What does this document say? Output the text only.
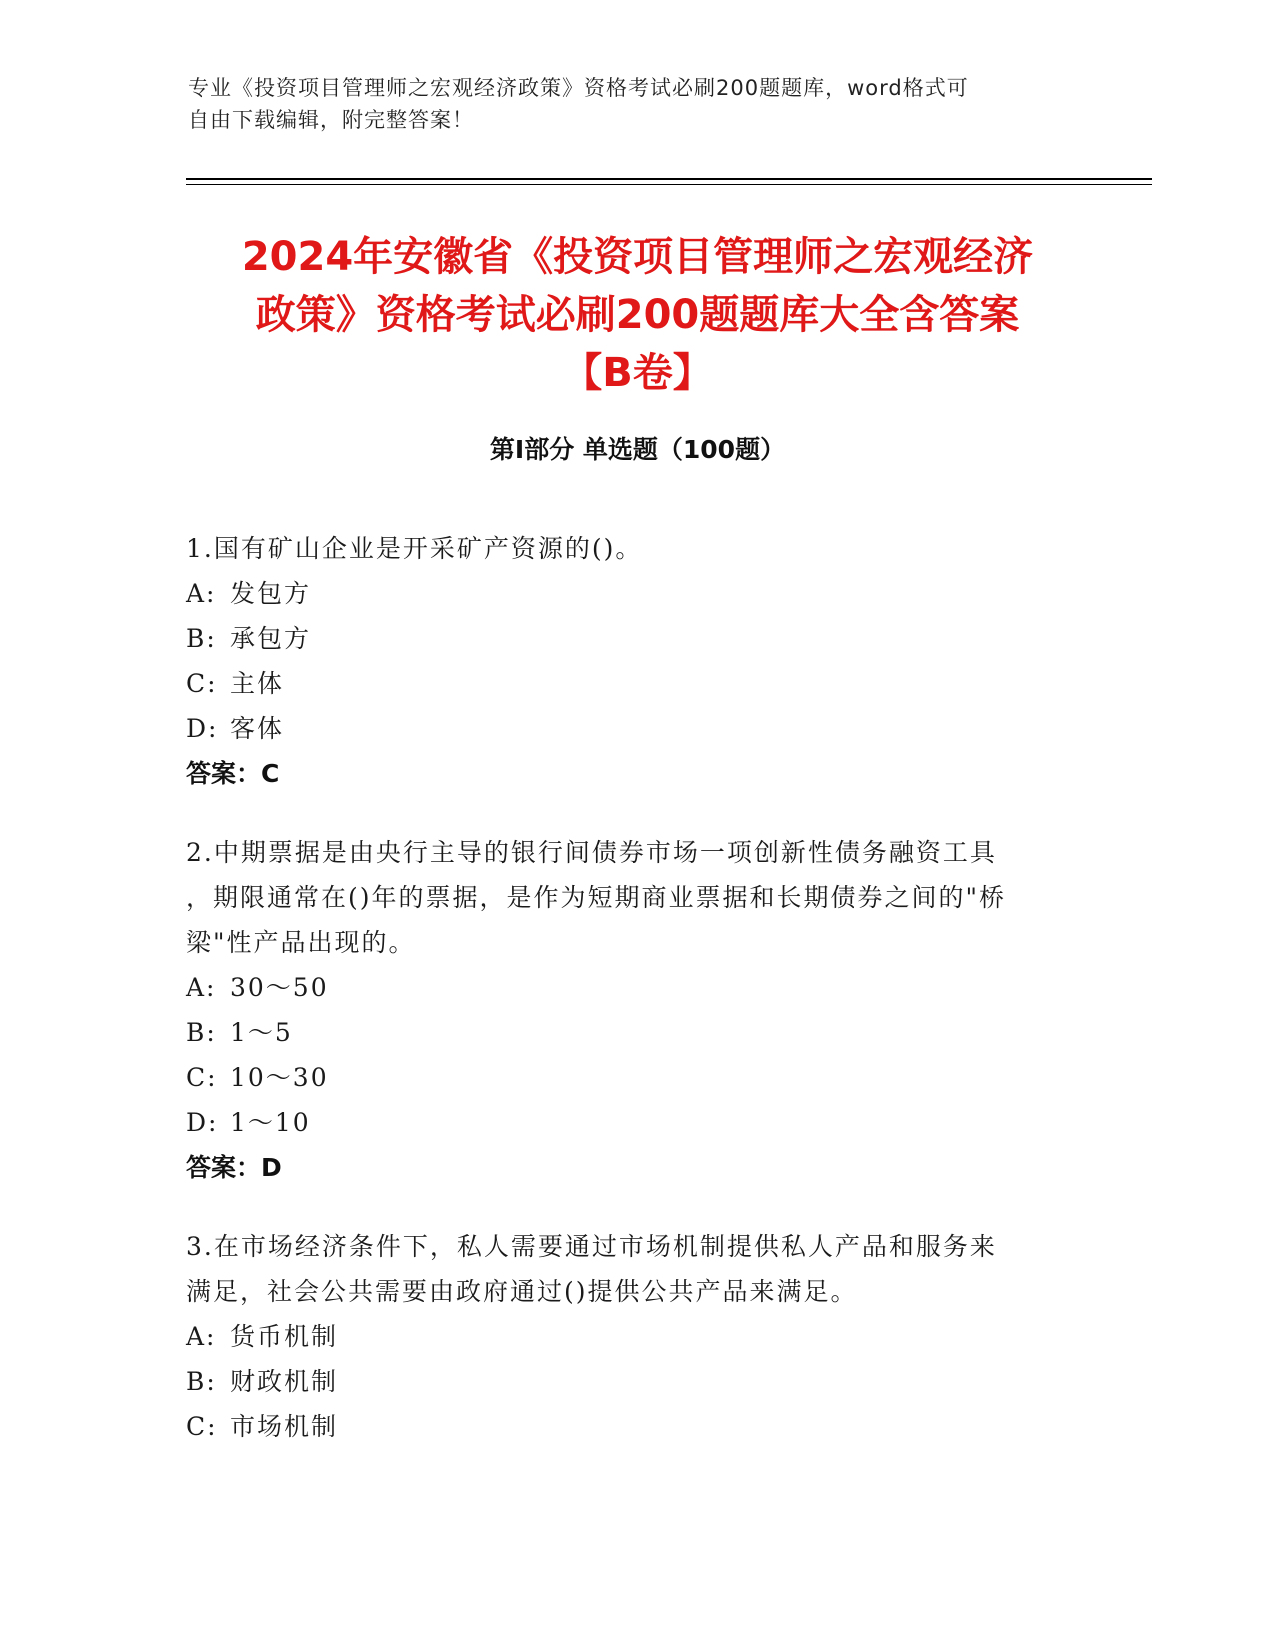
专业《投资项目管理师之宏观经济政策》资格考试必刷200题题库，word格式可
自由下载编辑，附完整答案！
2024年安徽省《投资项目管理师之宏观经济
政策》资格考试必刷200题题库大全含答案
【B卷】
第I部分 单选题（100题）
1.国有矿山企业是开采矿产资源的()。
A: 发包方
B: 承包方
C: 主体
D: 客体
答案：C
2.中期票据是由央行主导的银行间债券市场一项创新性债务融资工具
，期限通常在()年的票据，是作为短期商业票据和长期债券之间的"桥
梁"性产品出现的。
A: 30～50
B: 1～5
C: 10～30
D: 1～10
答案：D
3.在市场经济条件下，私人需要通过市场机制提供私人产品和服务来
满足，社会公共需要由政府通过()提供公共产品来满足。
A: 货币机制
B: 财政机制
C: 市场机制
